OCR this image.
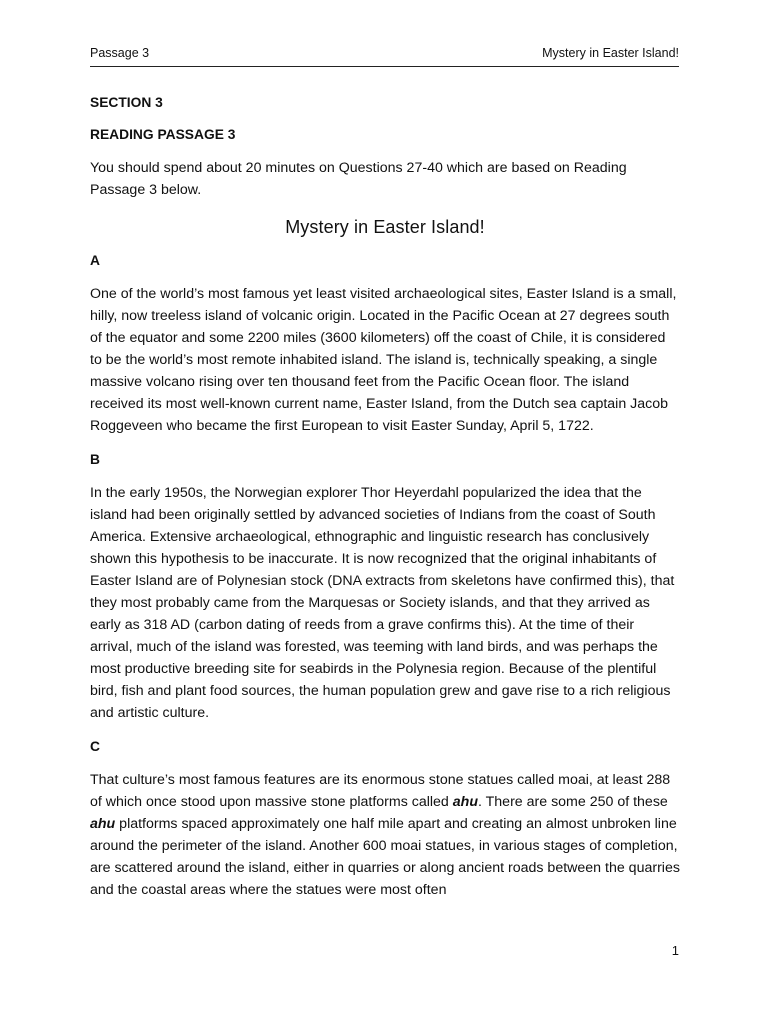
Passage 3	Mystery in Easter Island!

SECTION 3

READING PASSAGE 3

You should spend about 20 minutes on Questions 27-40 which are based on Reading Passage 3 below.

Mystery in Easter Island!

A

One of the world’s most famous yet least visited archaeological sites, Easter Island is a small, hilly, now treeless island of volcanic origin. Located in the Pacific Ocean at 27 degrees south of the equator and some 2200 miles (3600 kilometers) off the coast of Chile, it is considered to be the world’s most remote inhabited island. The island is, technically speaking, a single massive volcano rising over ten thousand feet from the Pacific Ocean floor. The island received its most well-known current name, Easter Island, from the Dutch sea captain Jacob Roggeveen who became the first European to visit Easter Sunday, April 5, 1722.

B

In the early 1950s, the Norwegian explorer Thor Heyerdahl popularized the idea that the island had been originally settled by advanced societies of Indians from the coast of South America. Extensive archaeological, ethnographic and linguistic research has conclusively shown this hypothesis to be inaccurate. It is now recognized that the original inhabitants of Easter Island are of Polynesian stock (DNA extracts from skeletons have confirmed this), that they most probably came from the Marquesas or Society islands, and that they arrived as early as 318 AD (carbon dating of reeds from a grave confirms this). At the time of their arrival, much of the island was forested, was teeming with land birds, and was perhaps the most productive breeding site for seabirds in the Polynesia region. Because of the plentiful bird, fish and plant food sources, the human population grew and gave rise to a rich religious and artistic culture.

C

That culture’s most famous features are its enormous stone statues called moai, at least 288 of which once stood upon massive stone platforms called ahu. There are some 250 of these ahu platforms spaced approximately one half mile apart and creating an almost unbroken line around the perimeter of the island. Another 600 moai statues, in various stages of completion, are scattered around the island, either in quarries or along ancient roads between the quarries and the coastal areas where the statues were most often

1
